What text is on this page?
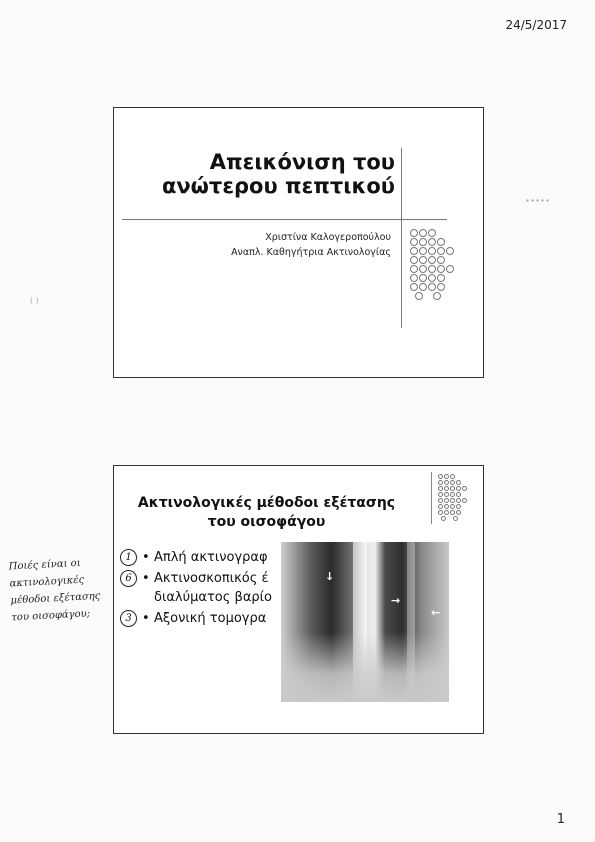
24/5/2017
Απεικόνιση του
ανώτερου πεπτικού
Χριστίνα Καλογεροπούλου
Αναπλ. Καθηγήτρια Ακτινολογίας
Ακτινολογικές μέθοδοι εξέτασης
του οισοφάγου
↓
→
←
1 • Απλή ακτινογραφ
6 • Ακτινοσκοπικός έ
διαλύματος βαρίο
3 • Αξονική τομογρα
Ποιές είναι οι
ακτινολογικές
μέθοδοι εξέτασης
του οισοφάγου;
∙∙∙∙∙
( )
1
